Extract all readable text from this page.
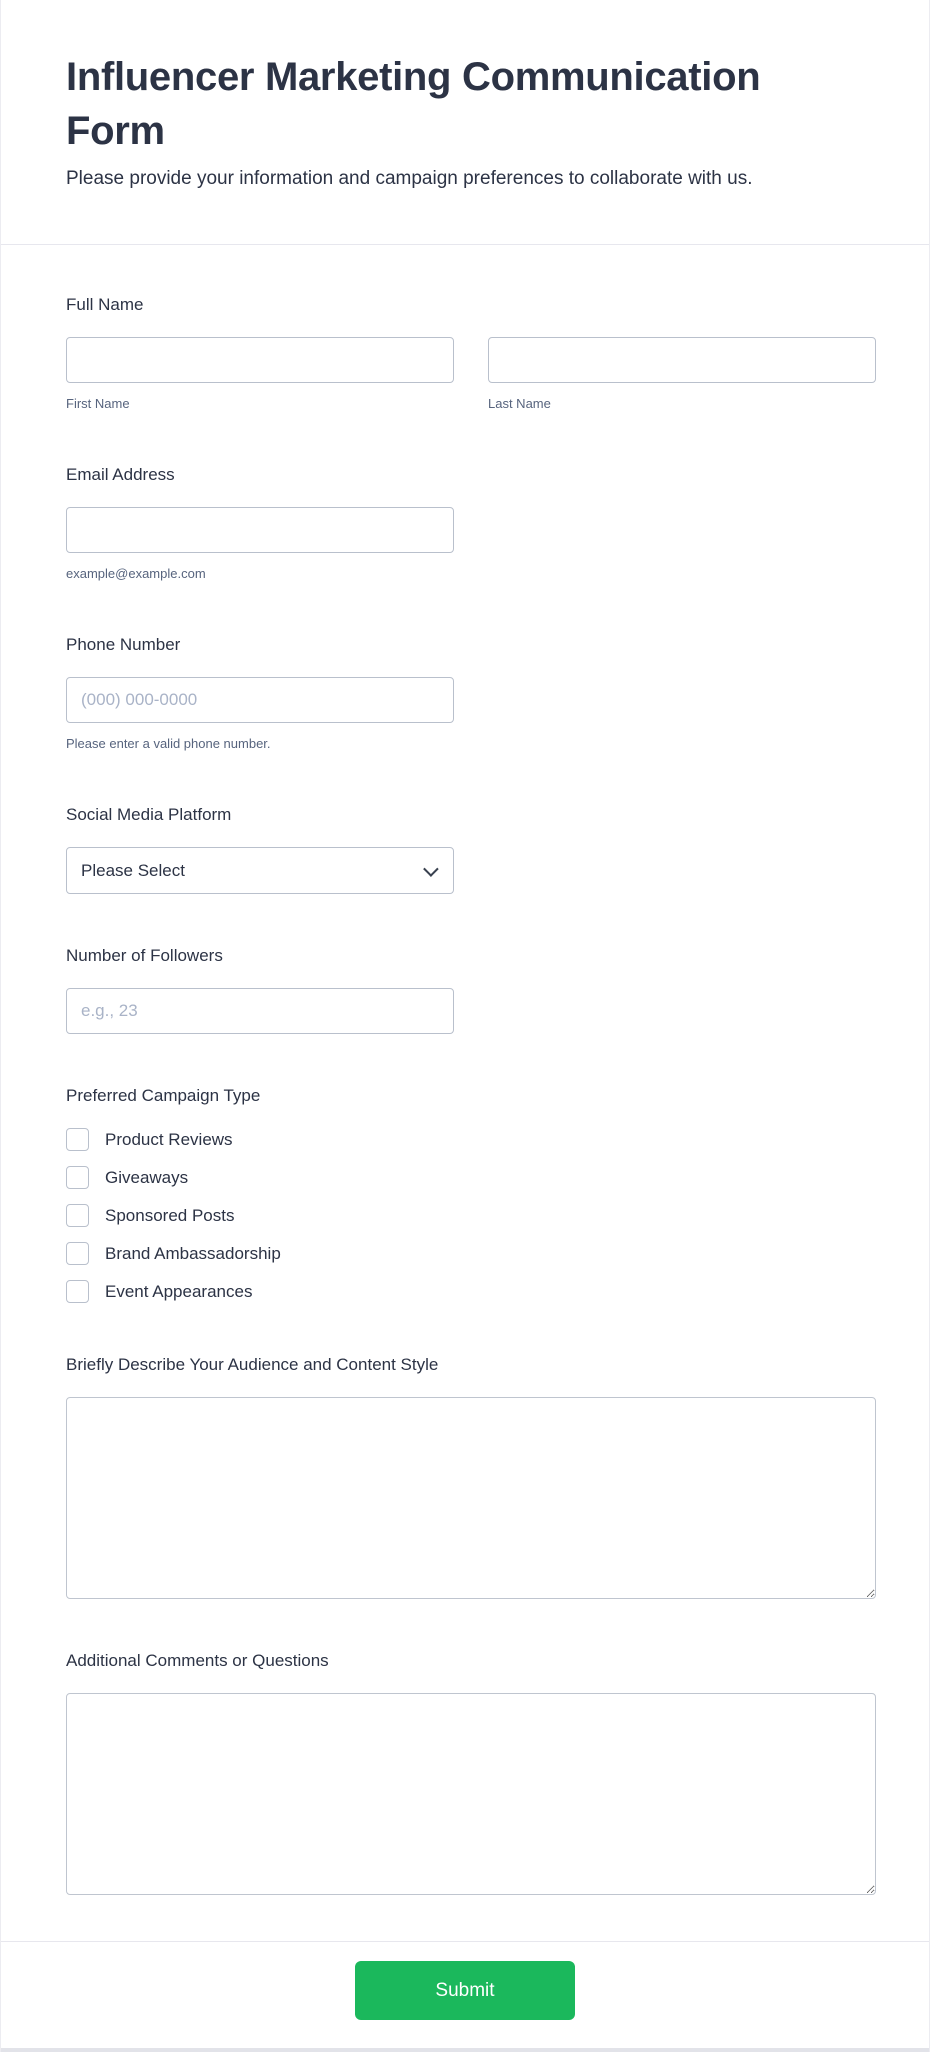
Influencer Marketing Communication Form

Please provide your information and campaign preferences to collaborate with us.

Full Name
First Name	Last Name
Email Address
example@example.com
Phone Number
(000) 000-0000
Please enter a valid phone number.
Social Media Platform
Please Select
Number of Followers
e.g., 23
Preferred Campaign Type
Product Reviews
Giveaways
Sponsored Posts
Brand Ambassadorship
Event Appearances
Briefly Describe Your Audience and Content Style
Additional Comments or Questions
Submit
